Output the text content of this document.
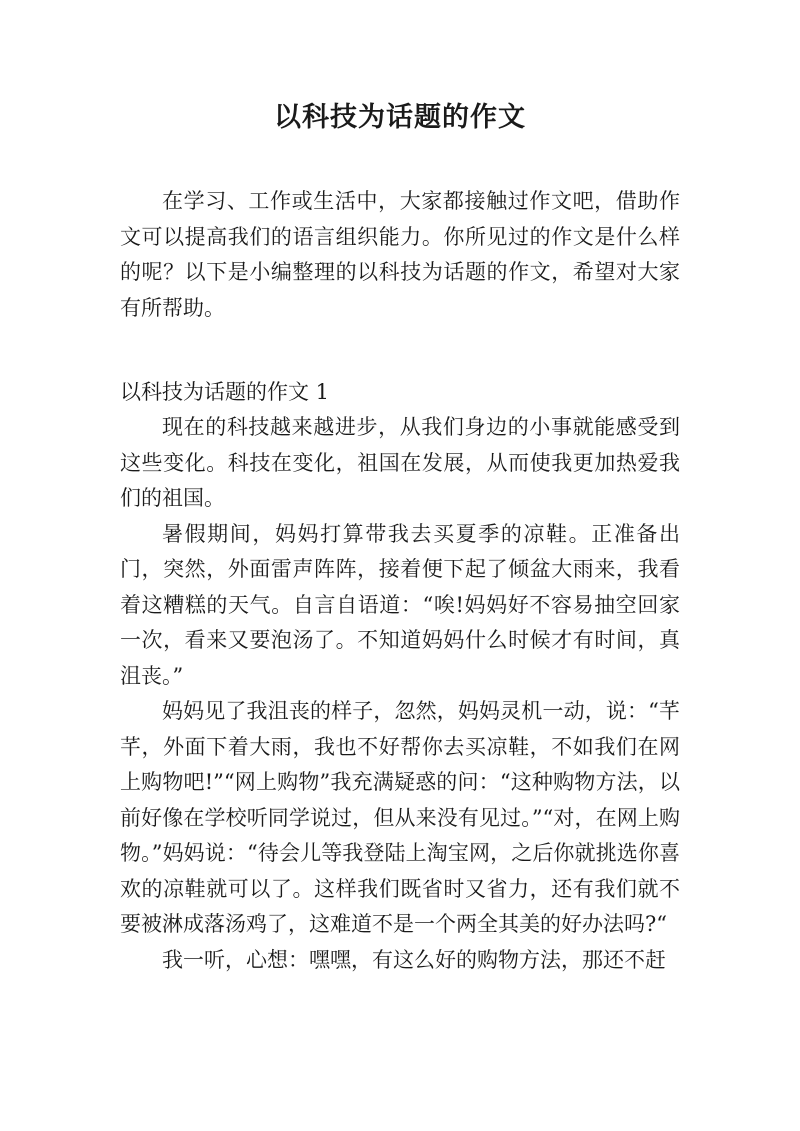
以科技为话题的作文

在学习、工作或生活中，大家都接触过作文吧，借助作文可以提高我们的语言组织能力。你所见过的作文是什么样的呢？以下是小编整理的以科技为话题的作文，希望对大家有所帮助。

以科技为话题的作文 1

现在的科技越来越进步，从我们身边的小事就能感受到这些变化。科技在变化，祖国在发展，从而使我更加热爱我们的祖国。

暑假期间，妈妈打算带我去买夏季的凉鞋。正准备出门，突然，外面雷声阵阵，接着便下起了倾盆大雨来，我看着这糟糕的天气。自言自语道：“唉!妈妈好不容易抽空回家一次，看来又要泡汤了。不知道妈妈什么时候才有时间，真沮丧。”

妈妈见了我沮丧的样子，忽然，妈妈灵机一动，说：“芊芊，外面下着大雨，我也不好帮你去买凉鞋，不如我们在网上购物吧!”“网上购物”我充满疑惑的问：“这种购物方法，以前好像在学校听同学说过，但从来没有见过。”“对，在网上购物。”妈妈说：“待会儿等我登陆上淘宝网，之后你就挑选你喜欢的凉鞋就可以了。这样我们既省时又省力，还有我们就不要被淋成落汤鸡了，这难道不是一个两全其美的好办法吗?“

我一听，心想：嘿嘿，有这么好的购物方法，那还不赶
